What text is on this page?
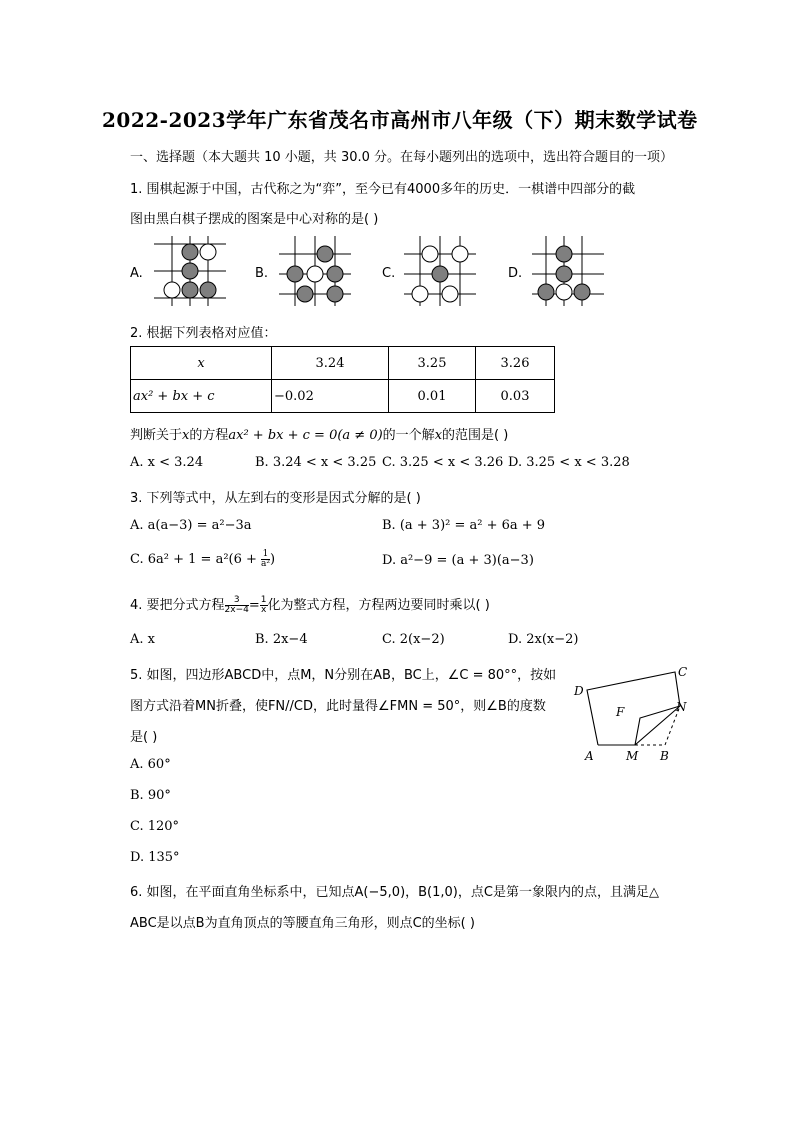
2022-2023学年广东省茂名市高州市八年级（下）期末数学试卷
一、选择题（本大题共 10 小题，共 30.0 分。在每小题列出的选项中，选出符合题目的一项）
1. 围棋起源于中国，古代称之为“弈”，至今已有4000多年的历史．一棋谱中四部分的截
图由黑白棋子摆成的图案是中心对称的是( )
A.	B.	C.	D.
2. 根据下列表格对应值：
x	3.24	3.25	3.26
ax² + bx + c	−0.02	0.01	0.03
判断关于x的方程ax² + bx + c = 0(a ≠ 0)的一个解x的范围是( )
A. x < 3.24	B. 3.24 < x < 3.25 C. 3.25 < x < 3.26 D. 3.25 < x < 3.28
3. 下列等式中，从左到右的变形是因式分解的是( )
A. a(a−3) = a²−3a	B. (a + 3)² = a² + 6a + 9
C. $6a^2 + 1 = a^2(6 + \frac{1}{\text{a²}}$ )	D. a²−9 = (a + 3)(a−3)
4. 要把分式方程 $\frac{3}{2x-4} = \frac{1}{x}$ 化为整式方程，方程两边要同时乘以( )
A. x	B. 2x−4	C. 2(x−2)	D. 2x(x−2)
5. 如图，四边形ABCD中，点M，N分别在AB，BC上，∠C = 80°°，按如
图方式沿着MN折叠，使FN//CD，此时量得∠FMN = 50°，则∠B的度数
是( )
A. 60°
B. 90°
C. 120°
D. 135°
D
C
F	N
A	M B
6. 如图，在平面直角坐标系中，已知点A(−5,0)，B(1,0)，点C是第一象限内的点，且满足△
ABC是以点B为直角顶点的等腰直角三角形，则点C的坐标( )
